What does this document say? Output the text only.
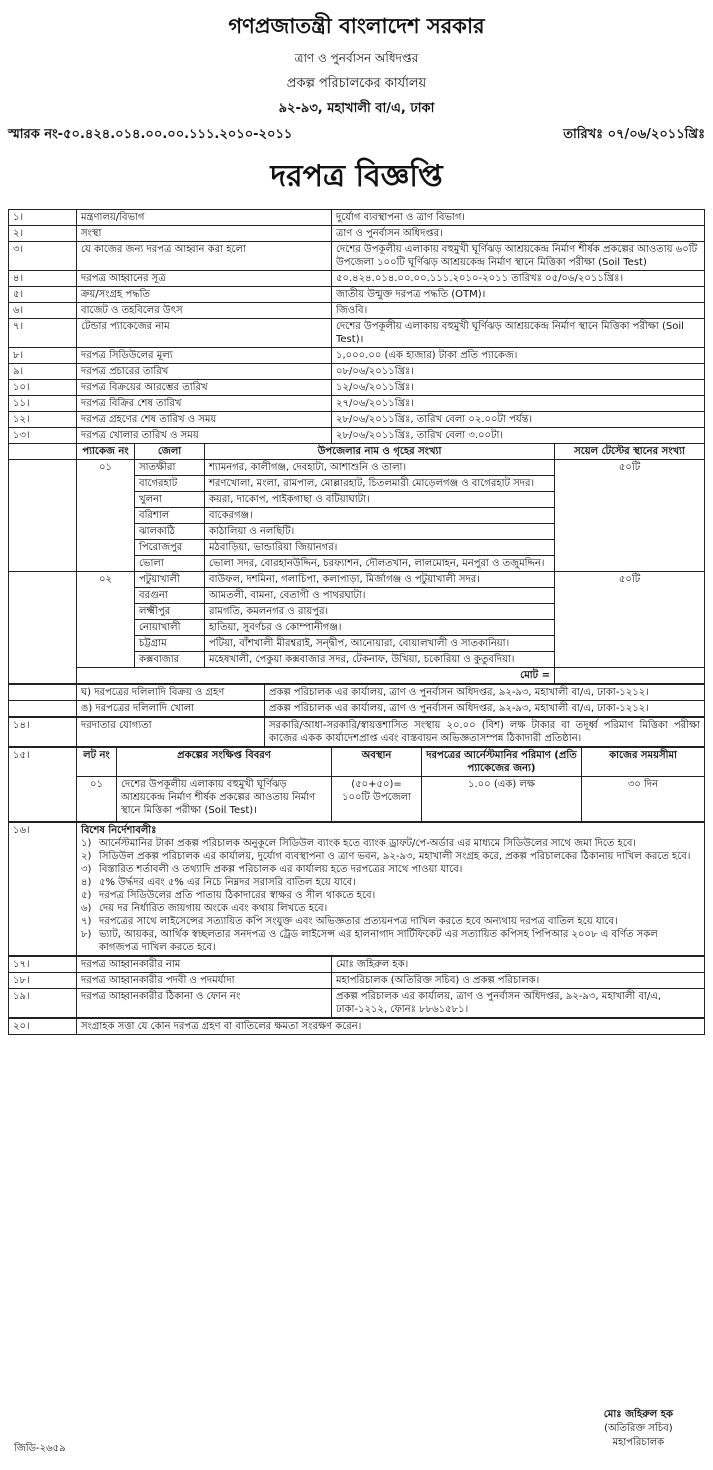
গণপ্রজাতন্ত্রী বাংলাদেশ সরকার
ত্রাণ ও পুনর্বাসন অধিদপ্তর
প্রকল্প পরিচালকের কার্যালয়
৯২-৯৩, মহাখালী বা/এ, ঢাকা
স্মারক নং-৫০.৪২৪.০১৪.০০.০০.১১১.২০১০-২০১১	তারিখঃ ০৭/০৬/২০১১খ্রিঃ
দরপত্র বিজ্ঞপ্তি
১।	মন্ত্রণালয়/বিভাগ	দুর্যোগ ব্যবস্থাপনা ও ত্রাণ বিভাগ।
২।	সংস্থা	ত্রাণ ও পুনর্বাসন অধিদপ্তর।
৩।	যে কাজের জন্য দরপত্র আহ্বান করা হলো	দেশের উপকূলীয় এলাকায় বহুমুখী ঘূর্ণিঝড় আশ্রয়কেন্দ্র নির্মাণ শীর্ষক প্রকল্পের আওতায় ৬০টি উপজেলা ১০০টি ঘূর্ণিঝড় আশ্রয়কেন্দ্র নির্মাণ স্থানে মিত্তিকা পরীক্ষা (Soil Test)
৪।	দরপত্র আহ্বানের সূত্র	৫০.৪২৪.০১৪.০০.০০.১১১.২০১০-২০১১ তারিখঃ ০৫/০৬/২০১১খ্রিঃ।
৫।	ক্রয়/সংগ্রহ পদ্ধতি	জাতীয় উন্মুক্ত দরপত্র পদ্ধতি (OTM)।
৬।	বাজেট ও তহবিলের উৎস	জিওবি।
৭।	টেন্ডার প্যাকেজের নাম	দেশের উপকূলীয় এলাকায় বহুমুখী ঘূর্ণিঝড় আশ্রয়কেন্দ্র নির্মাণ স্থানে মিত্তিকা পরীক্ষা (Soil Test)।
৮।	দরপত্র সিডিউলের মূল্য	১,০০০.০০ (এক হাজার) টাকা প্রতি প্যাকেজ।
৯।	দরপত্র প্রচারের তারিখ	০৮/০৬/২০১১খ্রিঃ।
১০।	দরপত্র বিক্রয়ের আরম্ভের তারিখ	১২/০৬/২০১১খ্রিঃ।
১১।	দরপত্র বিক্রির শেষ তারিখ	২৭/০৬/২০১১খ্রিঃ।
১২।	দরপত্র গ্রহণের শেষ তারিখ ও সময়	২৮/০৬/২০১১খ্রিঃ, তারিখ বেলা ০২.০০টা পর্যন্ত।
১৩।	দরপত্র খোলার তারিখ ও সময়	২৮/০৬/২০১১খ্রিঃ, তারিখ বেলা ৩.০০টা।
	প্যাকেজ নং	জেলা	উপজেলার নাম ও গৃহের সংখ্যা	সয়েল টেস্টের স্থানের সংখ্যা
	০১	সাতক্ষীরা	শ্যামনগর, কালীগঞ্জ, দেবহাটা, আশাশুনি ও তালা।	৫০টি
		বাগেরহাট	শরণখোলা, মংলা, রামপাল, মোল্লারহাট, চিতলমারী মোড়েলগঞ্জ ও বাগেরহাট সদর।	
		খুলনা	কয়রা, দাকোপ, পাইকগাছা ও বটিয়াঘাটা।	
		বরিশাল	বাকেরগঞ্জ।	
		ঝালকাঠি	কাঠালিয়া ও নলছিটি।	
		পিরোজপুর	মঠবাড়িয়া, ভান্ডারিয়া জিয়ানগর।	
		ভোলা	ভোলা সদর, বোরহানউদ্দিন, চরফ্যাশন, দৌলতখান, লালমোহন, মনপুরা ও তজুমদ্দিন।	
	০২	পটুয়াখালী	বাউফল, দশমিনা, গলাচিপা, কলাপাড়া, মির্জাগঞ্জ ও পটুয়াখালী সদর।	৫০টি
		বরগুনা	আমতলী, বামনা, বেতাগী ও পাথরঘাটা।	
		লক্ষ্মীপুর	রামগতি, কমলনগর ও রায়পুর।	
		নোয়াখালী	হাতিয়া, সুবর্ণচর ও কোম্পানীগঞ্জ।	
		চট্টগ্রাম	পটিয়া, বাঁশখালী মীরশ্বরাই, সন্দ্বীপ, আনোয়ারা, বোয়ালখালী ও সাতকানিয়া।	
		কক্সবাজার	মহেষখালী, পেকুয়া কক্সবাজার সদর, টেকনাফ, উখিয়া, চকোরিয়া ও কুতুবদিয়া।	
	মোট =			
	ঘ) দরপত্রের দলিলাদি বিক্রয় ও গ্রহণ	প্রকল্প পরিচালক এর কার্যালয়, ত্রাণ ও পুনর্বাসন অধিদপ্তর, ৯২-৯৩, মহাখালী বা/এ, ঢাকা-১২১২।
	ঙ) দরপত্রের দলিলাদি খোলা	প্রকল্প পরিচালক এর কার্যালয়, ত্রাণ ও পুনর্বাসন অধিদপ্তর, ৯২-৯৩, মহাখালী বা/এ, ঢাকা-১২১২।
১৪।	দরদাতার যোগ্যতা	সরকারি/আধা-সরকারি/স্বায়ত্তশাসিত সংস্থায় ২০.০০ (বিশ) লক্ষ টাকার বা তদূর্ধ্ব পরিমাণ মিত্তিকা পরীক্ষা কাজের একক কার্যাদেশপ্রাপ্ত এবং বাস্তবায়ন অভিজ্ঞতাসম্পন্ন ঠিকাদারী প্রতিষ্ঠান।
১৫।	লট নং	প্রকল্পের সংক্ষিপ্ত বিবরণ	অবস্থান	দরপত্রের আর্নেস্টমানির পরিমাণ (প্রতি প্যাকেজের জন্য)	কাজের সময়সীমা
	০১	দেশের উপকূলীয় এলাকায় বহুমুখী ঘূর্ণিঝড় আশ্রয়কেন্দ্র নির্মাণ শীর্ষক প্রকল্পের আওতায় নির্মাণ স্থানে মিত্তিকা পরীক্ষা (Soil Test)।	(৫০+৫০)= ১০০টি উপজেলা	১.০০ (এক) লক্ষ	৩০ দিন
১৬।	বিশেষ নির্দেশাবলীঃ
১) আর্নেস্টমানির টাকা প্রকল্প পরিচালক অনুকূলে সিডিউল ব্যাংক হতে ব্যাংক ড্রাফট/পে-অর্ডার এর মাধ্যমে সিডিউলের সাথে জমা দিতে হবে।
২) সিডিউল প্রকল্প পরিচালক এর কার্যালয়, দুর্যোগ ব্যবস্থাপনা ও ত্রাণ ভবন, ৯২-৯৩, মহাখালী সংগ্রহ করে, প্রকল্প পরিচালকের ঠিকানায় দাখিল করতে হবে।
৩) বিস্তারিত শর্তাবলী ও তথ্যাদি প্রকল্প পরিচালক এর কার্যালয় হতে দরপত্রের সাথে পাওয়া যাবে।
৪) ৫% উর্দ্ধদর এবং ৫% এর নিচে নিম্নদর সরাসরি বাতিল হয়ে যাবে।
৫) দরপত্র সিডিউলের প্রতি পাতায় ঠিকাদারের স্বাক্ষর ও সীল থাকতে হবে।
৬) দেয় দর নির্ধারিত জায়গায় অংকে এবং কথায় লিখতে হবে।
৭) দরপত্রের সাথে লাইসেন্সের সত্যায়িত কপি সংযুক্ত এবং অভিজ্ঞতার প্রত্যয়নপত্র দাখিল করতে হবে অন্যথায় দরপত্র বাতিল হয়ে যাবে।
৮) ভ্যাট, আয়কর, আর্থিক স্বচ্ছলতার সনদপত্র ও ট্রেড লাইসেন্স এর হালনাগাদ সার্টিফিকেট এর সত্যায়িত কপিসহ পিপিআর ২০০৮ এ বর্ণিত সকল কাগজপত্র দাখিল করতে হবে।
১৭।	দরপত্র আহ্বানকারীর নাম	মোঃ জহিরুল হক।
১৮।	দরপত্র আহ্বানকারীর পদবী ও পদমর্যাদা	মহাপরিচালক (অতিরিক্ত সচিব) ও প্রকল্প পরিচালক।
১৯।	দরপত্র আহ্বানকারীর ঠিকানা ও ফোন নং	প্রকল্প পরিচালক এর কার্যালয়, ত্রাণ ও পুনর্বাসন অধিদপ্তর, ৯২-৯৩, মহাখালী বা/এ, ঢাকা-১২১২, ফোনঃ ৮৮৬১৫৮১।
২০।	সংগ্রাহক সত্তা যে কোন দরপত্র গ্রহণ বা বাতিলের ক্ষমতা সংরক্ষণ করেন।
মোঃ জহিরুল হক
(অতিরিক্ত সচিব)
মহাপরিচালক
জিডি-২৬৫৯
